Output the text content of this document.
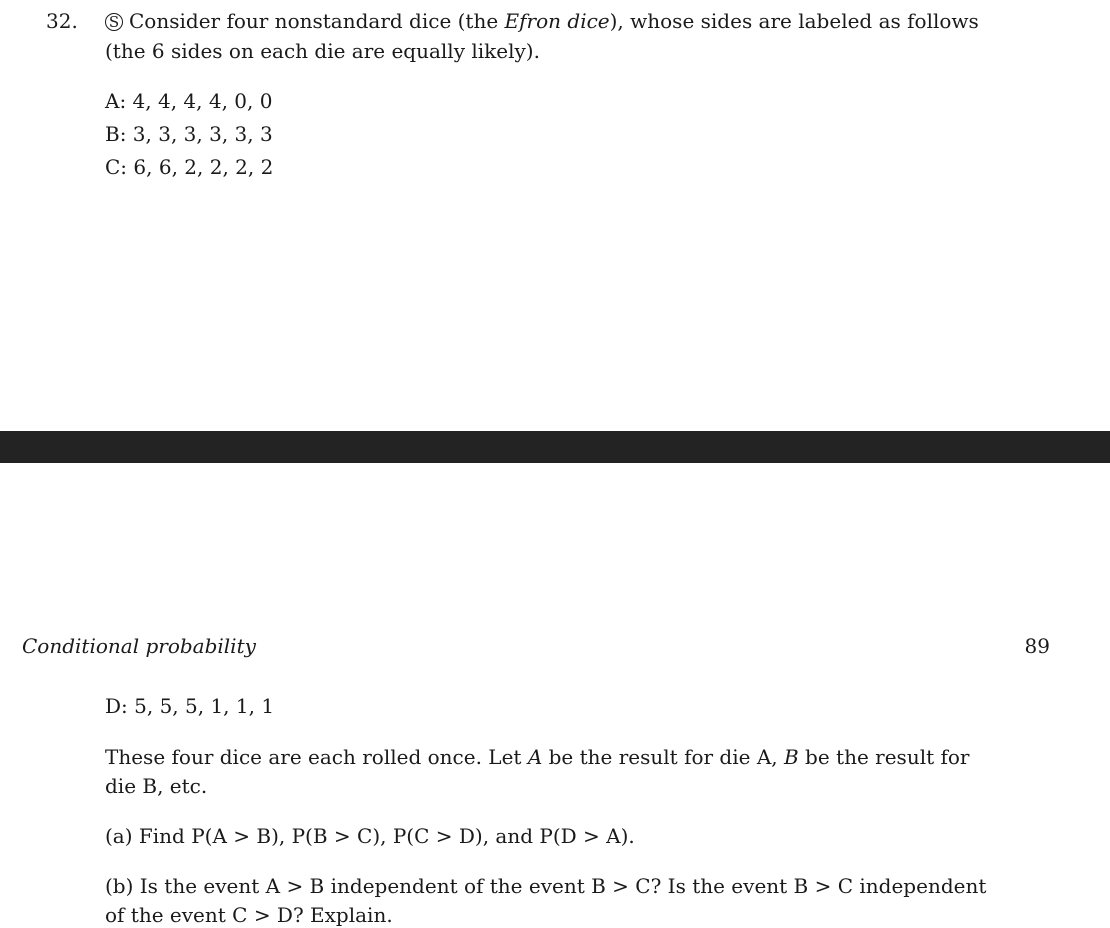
32. S Consider four nonstandard dice (the Efron dice), whose sides are labeled as follows
(the 6 sides on each die are equally likely).
A: 4, 4, 4, 4, 0, 0
B: 3, 3, 3, 3, 3, 3
C: 6, 6, 2, 2, 2, 2
Conditional probability	89
D: 5, 5, 5, 1, 1, 1
These four dice are each rolled once. Let A be the result for die A, B be the result for
die B, etc.
(a) Find P(A > B), P(B > C), P(C > D), and P(D > A).
(b) Is the event A > B independent of the event B > C? Is the event B > C independent
of the event C > D? Explain.
